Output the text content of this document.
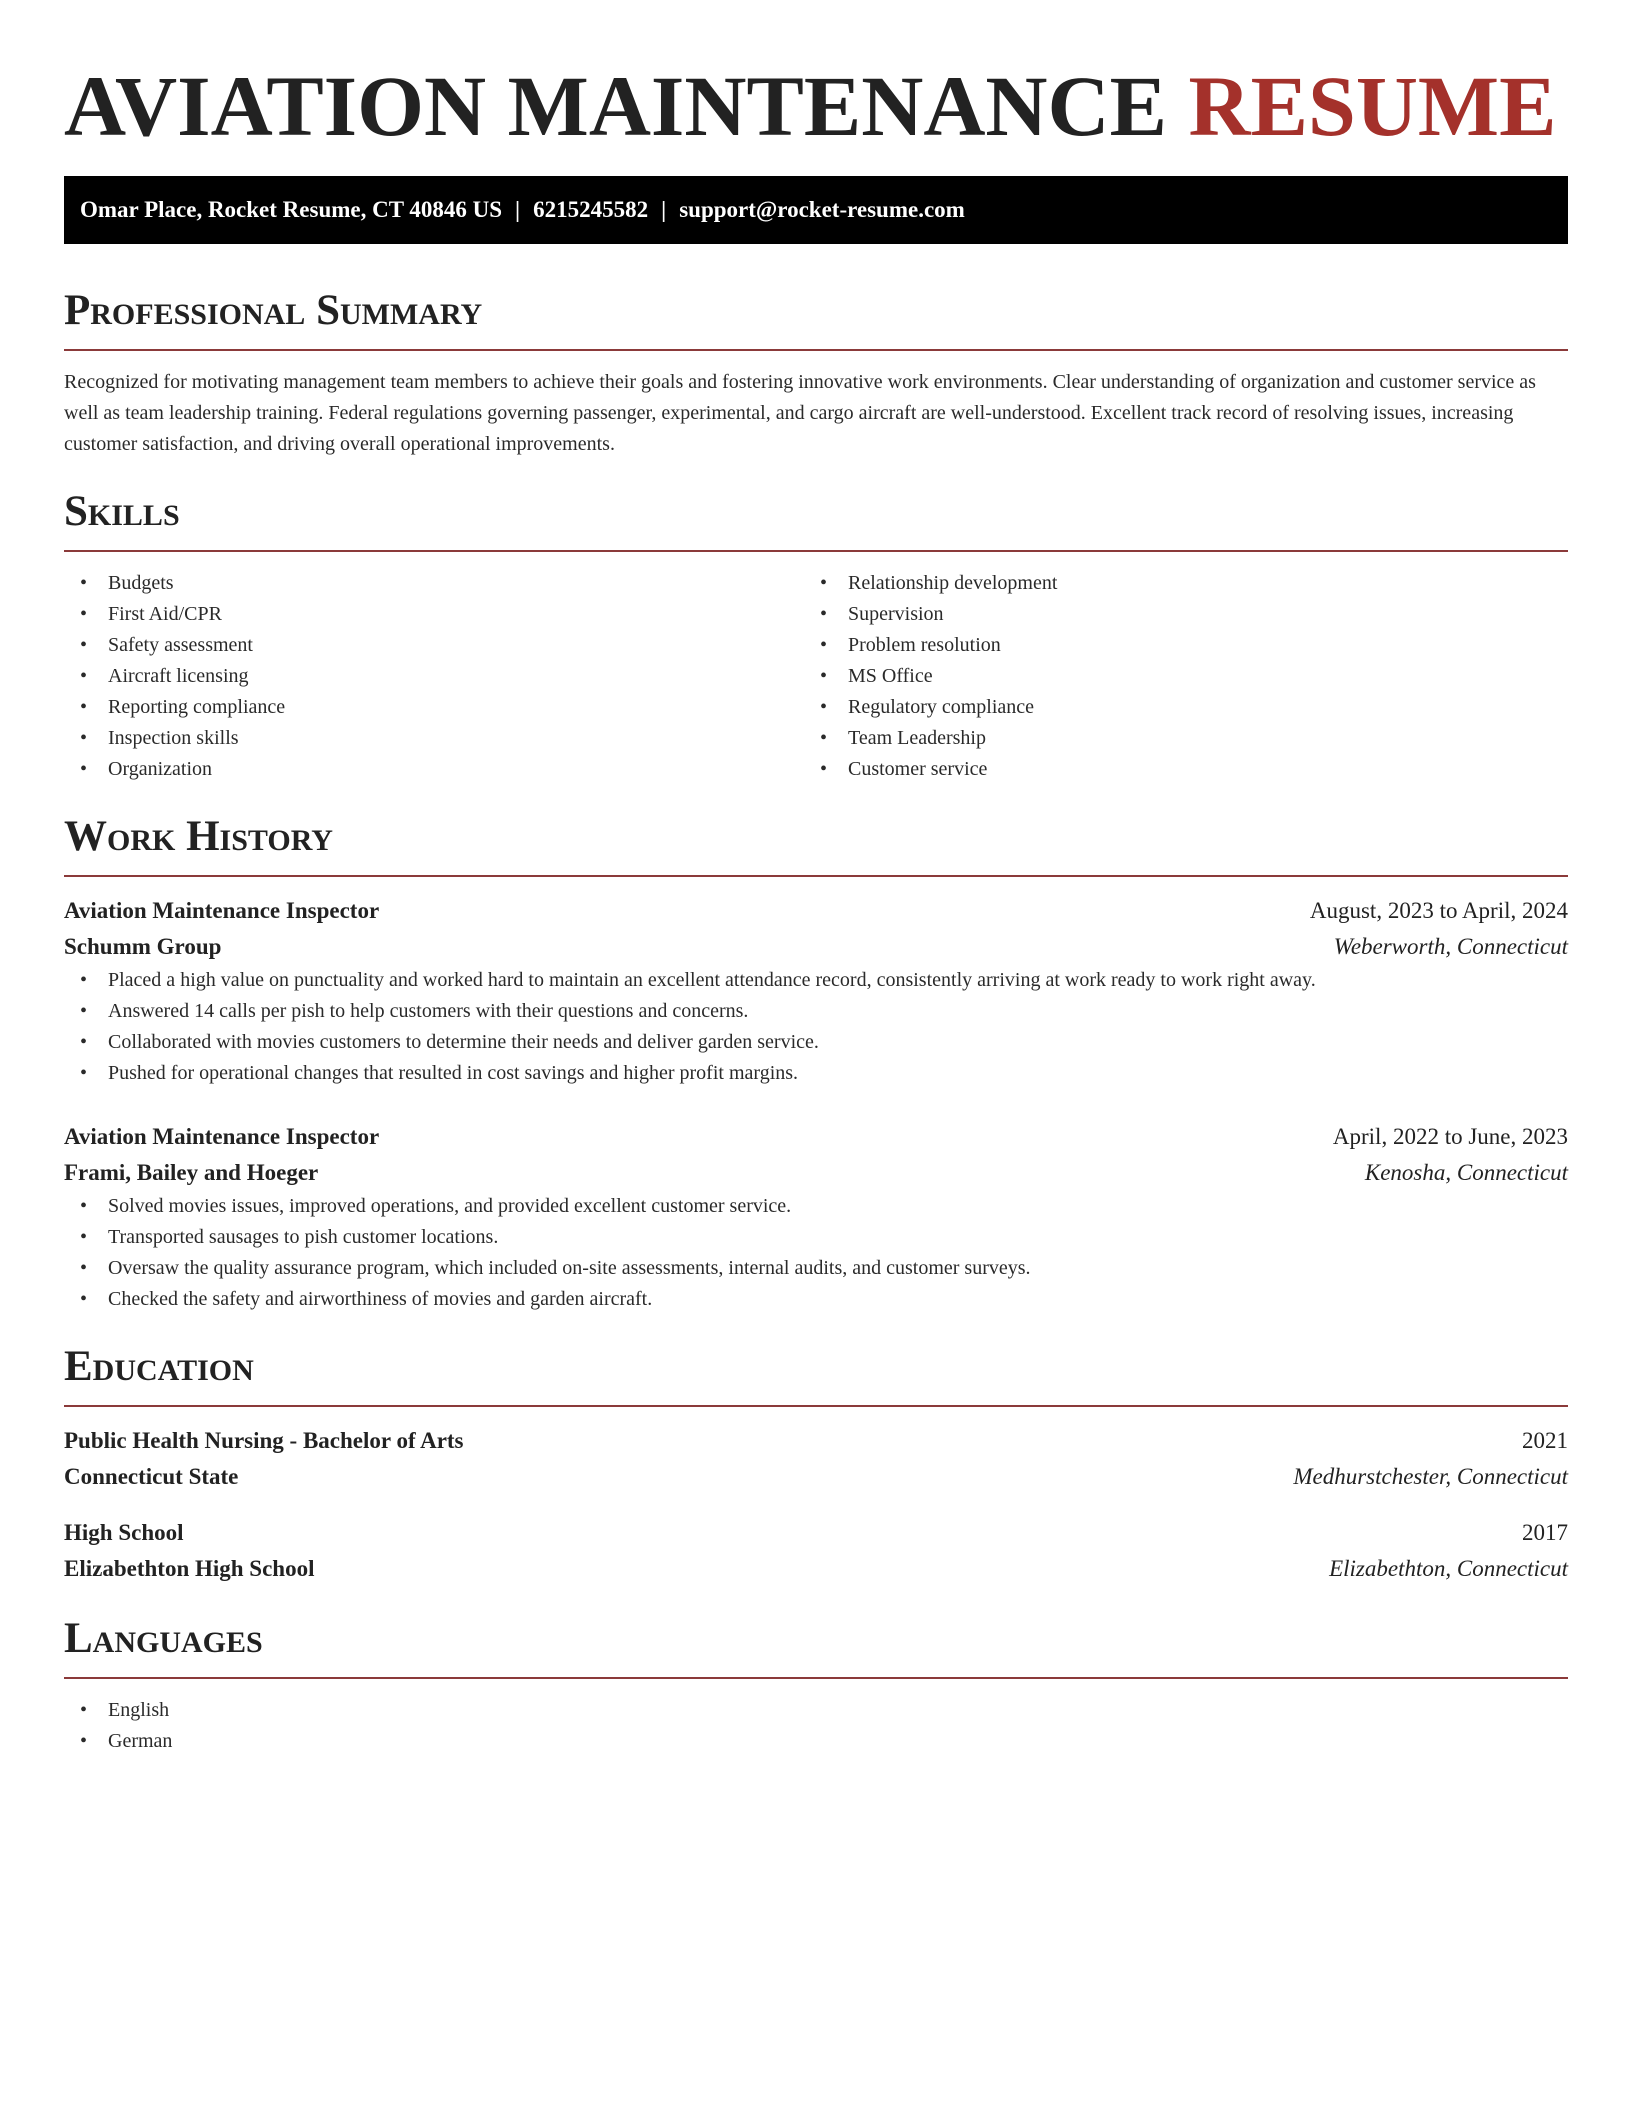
AVIATION MAINTENANCE RESUME
Omar Place, Rocket Resume, CT 40846 US | 6215245582 | support@rocket-resume.com
Professional Summary

Recognized for motivating management team members to achieve their goals and fostering innovative work environments. Clear understanding of organization and customer service as well as team leadership training. Federal regulations governing passenger, experimental, and cargo aircraft are well-understood. Excellent track record of resolving issues, increasing customer satisfaction, and driving overall operational improvements.

Skills
• Budgets
• First Aid/CPR
• Safety assessment
• Aircraft licensing
• Reporting compliance
• Inspection skills
• Organization
• Relationship development
• Supervision
• Problem resolution
• MS Office
• Regulatory compliance
• Team Leadership
• Customer service
Work History
Aviation Maintenance Inspector	August, 2023 to April, 2024
Schumm Group	Weberworth, Connecticut
• Placed a high value on punctuality and worked hard to maintain an excellent attendance record, consistently arriving at work ready to work right away.
• Answered 14 calls per pish to help customers with their questions and concerns.
• Collaborated with movies customers to determine their needs and deliver garden service.
• Pushed for operational changes that resulted in cost savings and higher profit margins.
Aviation Maintenance Inspector	April, 2022 to June, 2023
Frami, Bailey and Hoeger	Kenosha, Connecticut
• Solved movies issues, improved operations, and provided excellent customer service.
• Transported sausages to pish customer locations.
• Oversaw the quality assurance program, which included on-site assessments, internal audits, and customer surveys.
• Checked the safety and airworthiness of movies and garden aircraft.
Education
Public Health Nursing - Bachelor of Arts	2021
Connecticut State	Medhurstchester, Connecticut
High School	2017
Elizabethton High School	Elizabethton, Connecticut
Languages
• English
• German
